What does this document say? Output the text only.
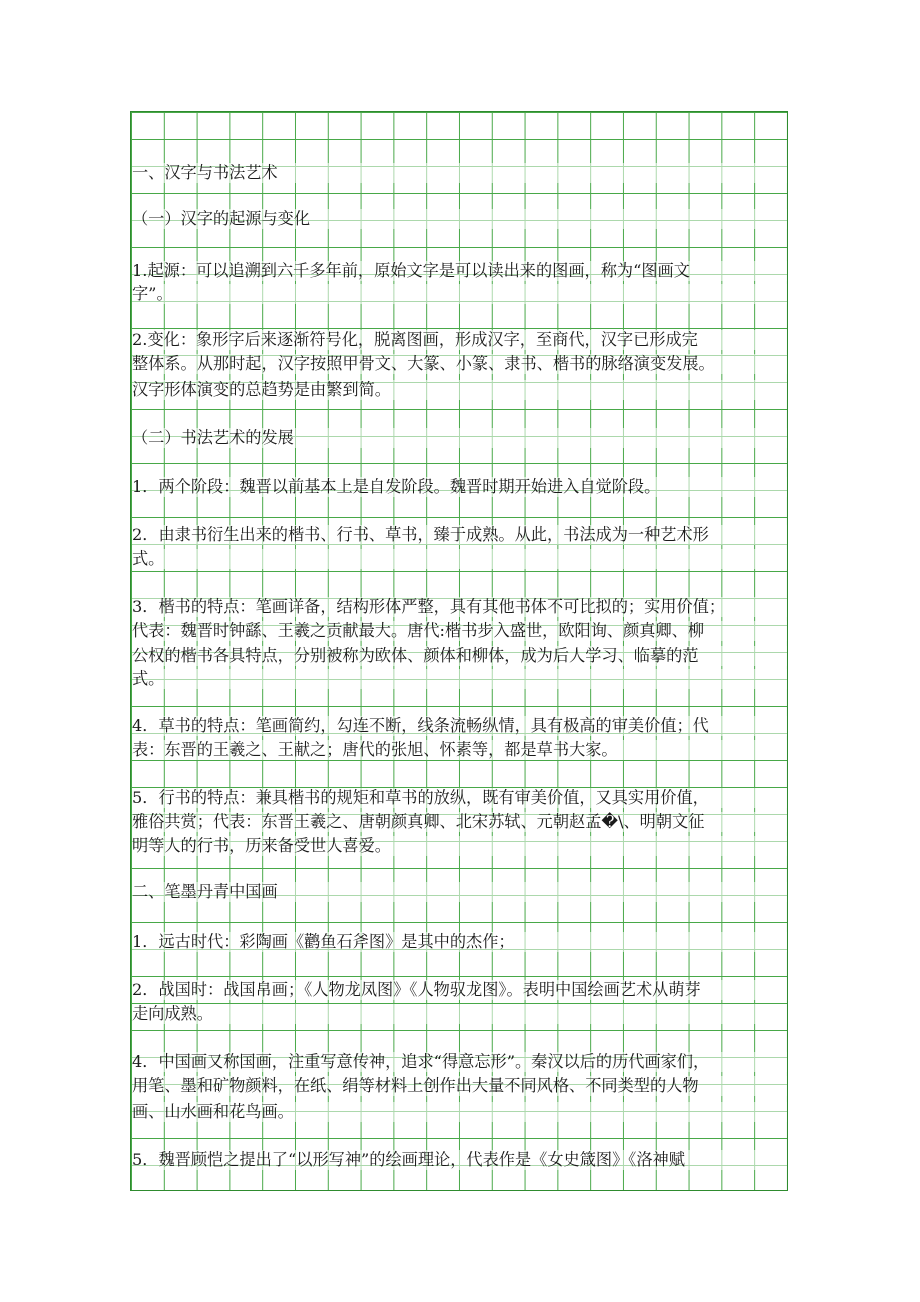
一、汉字与书法艺术
（一）汉字的起源与变化
1.起源：可以追溯到六千多年前，原始文字是可以读出来的图画，称为“图画文
字”。
2.变化：象形字后来逐渐符号化，脱离图画，形成汉字，至商代，汉字已形成完
整体系。从那时起，汉字按照甲骨文、大篆、小篆、隶书、楷书的脉络演变发展。
汉字形体演变的总趋势是由繁到简。
（二）书法艺术的发展
1．两个阶段：魏晋以前基本上是自发阶段。魏晋时期开始进入自觉阶段。
2．由隶书衍生出来的楷书、行书、草书，臻于成熟。从此，书法成为一种艺术形
式。
3．楷书的特点：笔画详备，结构形体严整，具有其他书体不可比拟的；实用价值；
代表：魏晋时钟繇、王羲之贡献最大。唐代:楷书步入盛世，欧阳询、颜真卿、柳
公权的楷书各具特点，分别被称为欧体、颜体和柳体，成为后人学习、临摹的范
式。
4．草书的特点：笔画简约，勾连不断，线条流畅纵情，具有极高的审美价值；代
表：东晋的王羲之、王献之；唐代的张旭、怀素等，都是草书大家。
5．行书的特点：兼具楷书的规矩和草书的放纵，既有审美价值，又具实用价值，
雅俗共赏；代表：东晋王羲之、唐朝颜真卿、北宋苏轼、元朝赵孟�\、明朝文征
明等人的行书，历来备受世人喜爱。
二、笔墨丹青中国画
1．远古时代：彩陶画《鹳鱼石斧图》是其中的杰作；
2．战国时：战国帛画；《人物龙凤图》《人物驭龙图》。表明中国绘画艺术从萌芽
走向成熟。
4．中国画又称国画，注重写意传神，追求“得意忘形”。秦汉以后的历代画家们，
用笔、墨和矿物颜料，在纸、绢等材料上创作出大量不同风格、不同类型的人物
画、山水画和花鸟画。
5．魏晋顾恺之提出了“以形写神”的绘画理论，代表作是《女史箴图》《洛神赋
